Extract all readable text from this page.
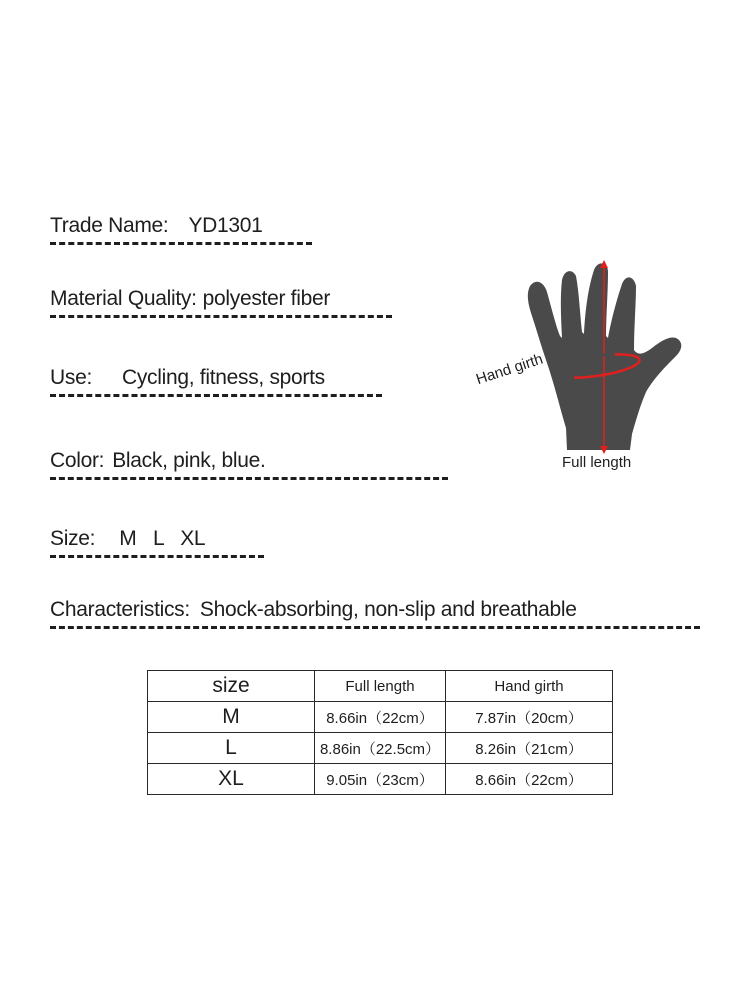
Trade Name: YD1301
Material Quality: polyester fiber
Use: Cycling, fitness, sports
Color: Black, pink, blue.
Size: M   L   XL
Characteristics: Shock-absorbing, non-slip and breathable
Hand girth
Full length
size	Full length	Hand girth
M	8.66in（22cm）	7.87in（20cm）
L	8.86in（22.5cm）	8.26in（21cm）
XL	9.05in（23cm）	8.66in（22cm）
